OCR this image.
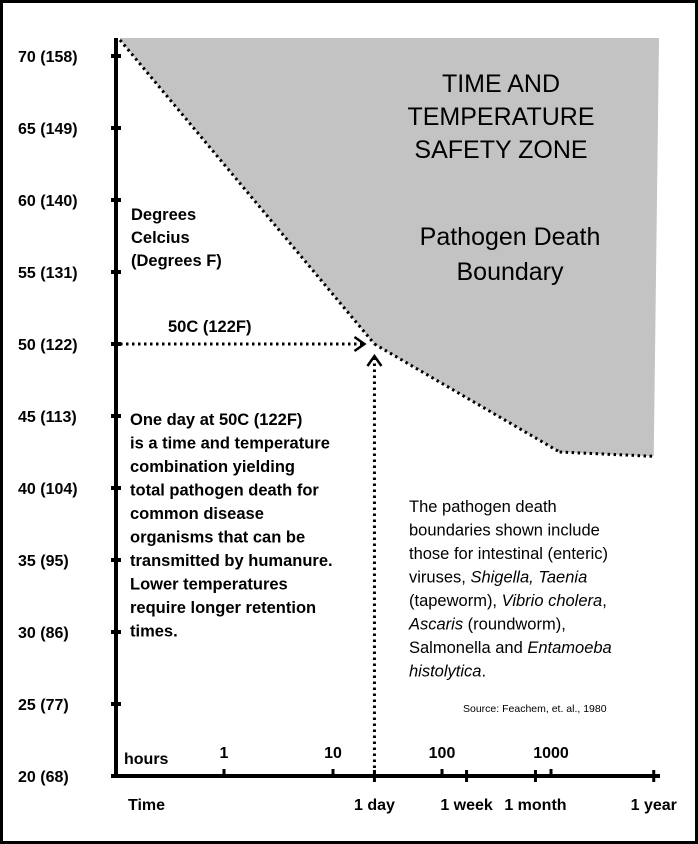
70 (158)
65 (149)
60 (140)
55 (131)
50 (122)
45 (113)
40 (104)
35 (95)
30 (86)
25 (77)
20 (68)
hours	1	10	100	1000
1 day	1 week 1 month	1 year
Time
50C (122F)
TIME AND
TEMPERATURE
SAFETY ZONE
Pathogen Death
Boundary
Degrees
Celcius
(Degrees F)
One day at 50C (122F)
is a time and temperature
combination yielding
total pathogen death for
common disease
organisms that can be
transmitted by humanure.
Lower temperatures
require longer retention
times.
The pathogen death
boundaries shown include
those for intestinal (enteric)
viruses, Shigella, Taenia
(tapeworm), Vibrio cholera,
Ascaris (roundworm),
Salmonella and Entamoeba
histolytica.
Source: Feachem, et. al., 1980
